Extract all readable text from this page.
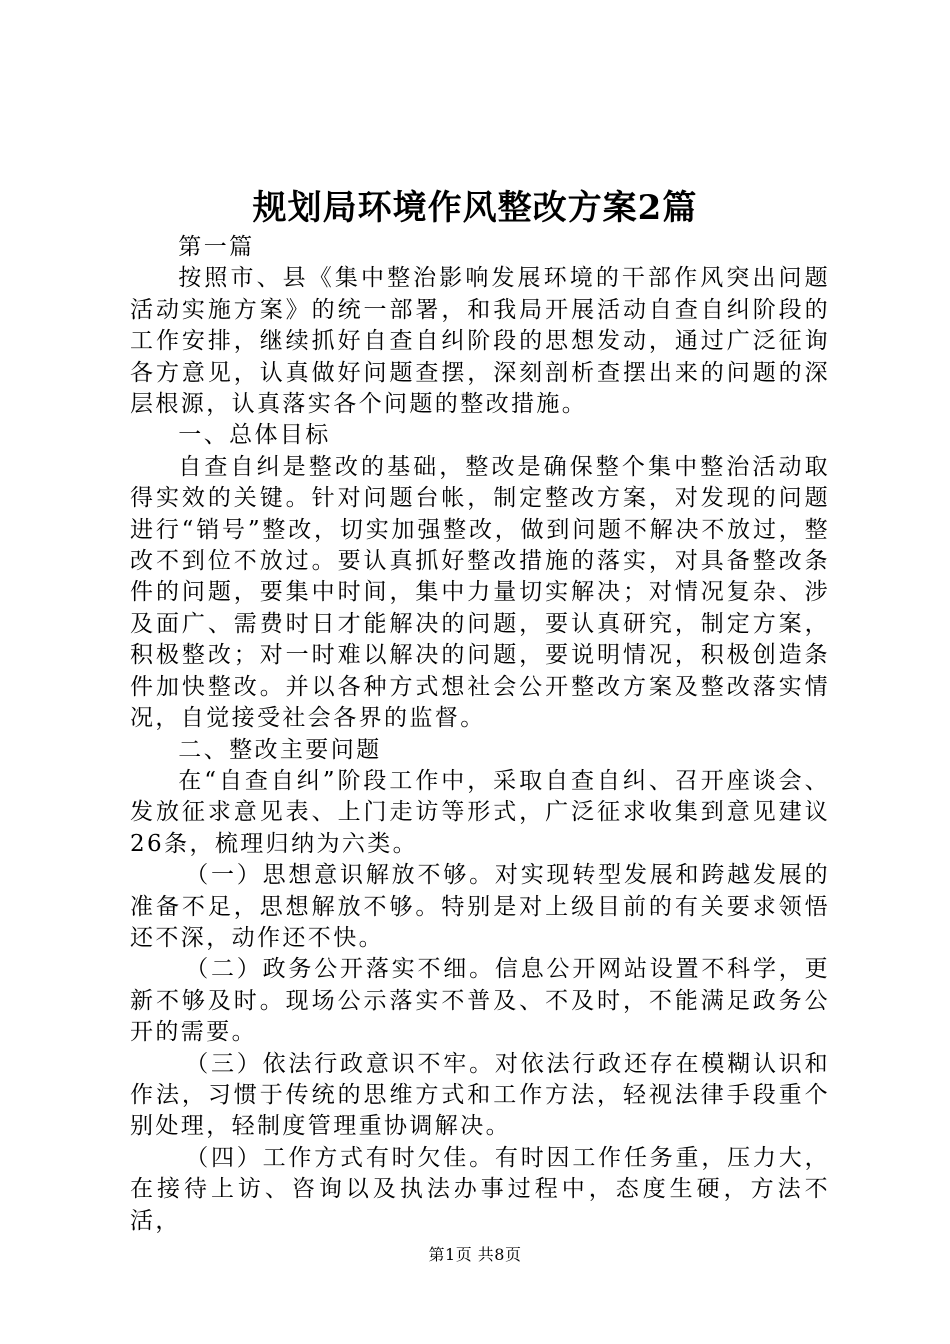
规划局环境作风整改方案2篇

第一篇

按照市、县《集中整治影响发展环境的干部作风突出问题活动实施方案》的统一部署，和我局开展活动自查自纠阶段的工作安排，继续抓好自查自纠阶段的思想发动，通过广泛征询各方意见，认真做好问题查摆，深刻剖析查摆出来的问题的深层根源，认真落实各个问题的整改措施。

一、总体目标

自查自纠是整改的基础，整改是确保整个集中整治活动取得实效的关键。针对问题台帐，制定整改方案，对发现的问题进行“销号”整改，切实加强整改，做到问题不解决不放过，整改不到位不放过。要认真抓好整改措施的落实，对具备整改条件的问题，要集中时间，集中力量切实解决；对情况复杂、涉及面广、需费时日才能解决的问题，要认真研究，制定方案，积极整改；对一时难以解决的问题，要说明情况，积极创造条件加快整改。并以各种方式想社会公开整改方案及整改落实情况，自觉接受社会各界的监督。

二、整改主要问题

在“自查自纠”阶段工作中，采取自查自纠、召开座谈会、发放征求意见表、上门走访等形式，广泛征求收集到意见建议26条，梳理归纳为六类。

（一）思想意识解放不够。对实现转型发展和跨越发展的准备不足，思想解放不够。特别是对上级目前的有关要求领悟还不深，动作还不快。

（二）政务公开落实不细。信息公开网站设置不科学，更新不够及时。现场公示落实不普及、不及时，不能满足政务公开的需要。

（三）依法行政意识不牢。对依法行政还存在模糊认识和作法，习惯于传统的思维方式和工作方法，轻视法律手段重个别处理，轻制度管理重协调解决。

（四）工作方式有时欠佳。有时因工作任务重，压力大，在接待上访、咨询以及执法办事过程中，态度生硬，方法不活，

第1页 共8页
